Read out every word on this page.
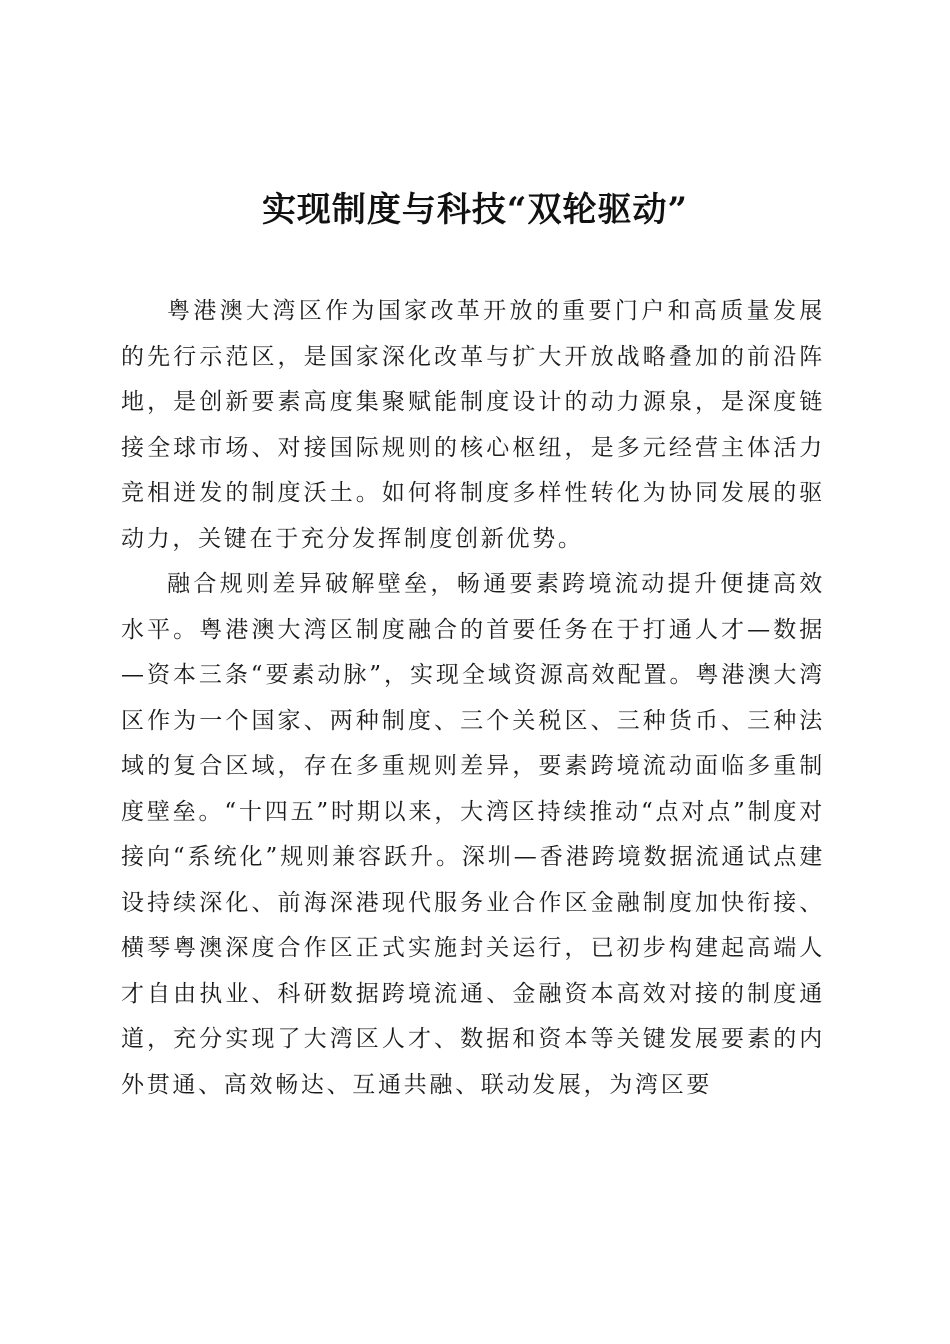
实现制度与科技“双轮驱动”

粤港澳大湾区作为国家改革开放的重要门户和高质量发展的先行示范区，是国家深化改革与扩大开放战略叠加的前沿阵地，是创新要素高度集聚赋能制度设计的动力源泉，是深度链接全球市场、对接国际规则的核心枢纽，是多元经营主体活力竞相迸发的制度沃土。如何将制度多样性转化为协同发展的驱动力，关键在于充分发挥制度创新优势。

融合规则差异破解壁垒，畅通要素跨境流动提升便捷高效水平。粤港澳大湾区制度融合的首要任务在于打通人才—数据—资本三条“要素动脉”，实现全域资源高效配置。粤港澳大湾区作为一个国家、两种制度、三个关税区、三种货币、三种法域的复合区域，存在多重规则差异，要素跨境流动面临多重制度壁垒。“十四五”时期以来，大湾区持续推动“点对点”制度对接向“系统化”规则兼容跃升。深圳—香港跨境数据流通试点建设持续深化、前海深港现代服务业合作区金融制度加快衔接、横琴粤澳深度合作区正式实施封关运行，已初步构建起高端人才自由执业、科研数据跨境流通、金融资本高效对接的制度通道，充分实现了大湾区人才、数据和资本等关键发展要素的内外贯通、高效畅达、互通共融、联动发展，为湾区要
